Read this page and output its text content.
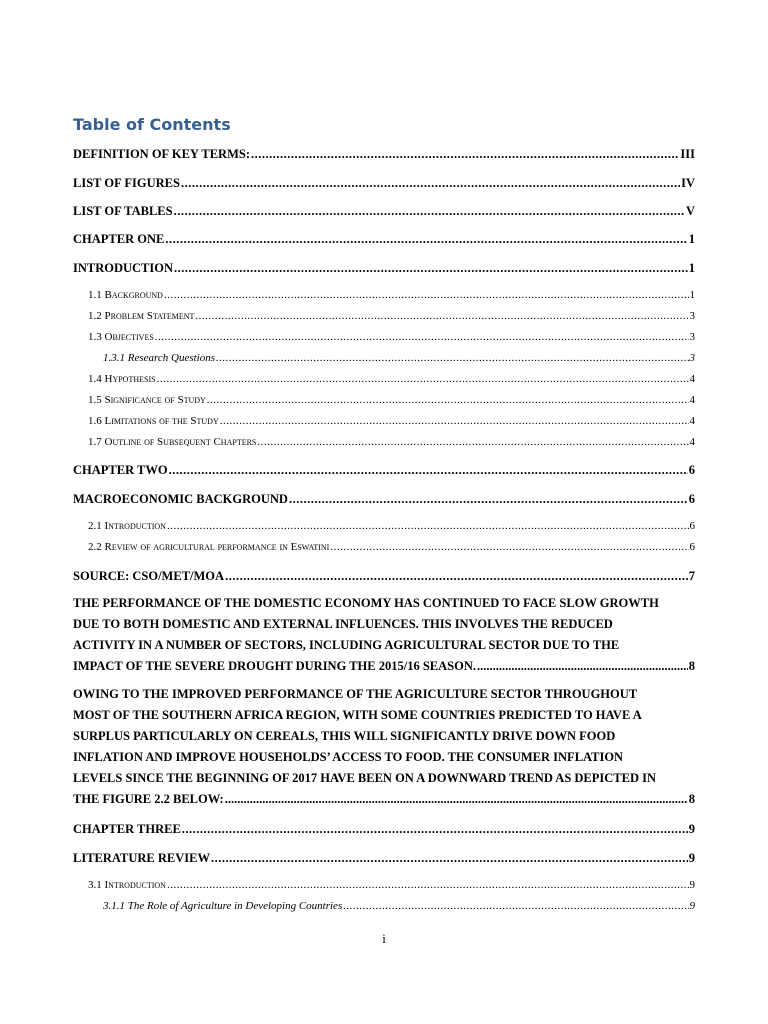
Table of Contents
DEFINITION OF KEY TERMS: .....	III
LIST OF FIGURES .....	IV
LIST OF TABLES .....	V
CHAPTER ONE .....	1
INTRODUCTION .....	1
1.1 Background .....	1
1.2 Problem Statement .....	3
1.3 Objectives .....	3
1.3.1 Research Questions .....	3
1.4 Hypothesis .....	4
1.5 Significance of Study .....	4
1.6 Limitations of the Study .....	4
1.7 Outline of Subsequent Chapters .....	4
CHAPTER TWO .....	6
MACROECONOMIC BACKGROUND .....	6
2.1 Introduction .....	6
2.2 Review of agricultural performance in Eswatini .....	6
SOURCE: CSO/MET/MOA .....	7
THE PERFORMANCE OF THE DOMESTIC ECONOMY HAS CONTINUED TO FACE SLOW GROWTH
DUE TO BOTH DOMESTIC AND EXTERNAL INFLUENCES. THIS INVOLVES THE REDUCED
ACTIVITY IN A NUMBER OF SECTORS, INCLUDING AGRICULTURAL SECTOR DUE TO THE
IMPACT OF THE SEVERE DROUGHT DURING THE 2015/16 SEASON. .....	8
OWING TO THE IMPROVED PERFORMANCE OF THE AGRICULTURE SECTOR THROUGHOUT
MOST OF THE SOUTHERN AFRICA REGION, WITH SOME COUNTRIES PREDICTED TO HAVE A
SURPLUS PARTICULARLY ON CEREALS, THIS WILL SIGNIFICANTLY DRIVE DOWN FOOD
INFLATION AND IMPROVE HOUSEHOLDS’ ACCESS TO FOOD. THE CONSUMER INFLATION
LEVELS SINCE THE BEGINNING OF 2017 HAVE BEEN ON A DOWNWARD TREND AS DEPICTED IN
THE FIGURE 2.2 BELOW: .....	8
CHAPTER THREE .....	9
LITERATURE REVIEW .....	9
3.1 Introduction .....	9
3.1.1 The Role of Agriculture in Developing Countries .....	9
i
